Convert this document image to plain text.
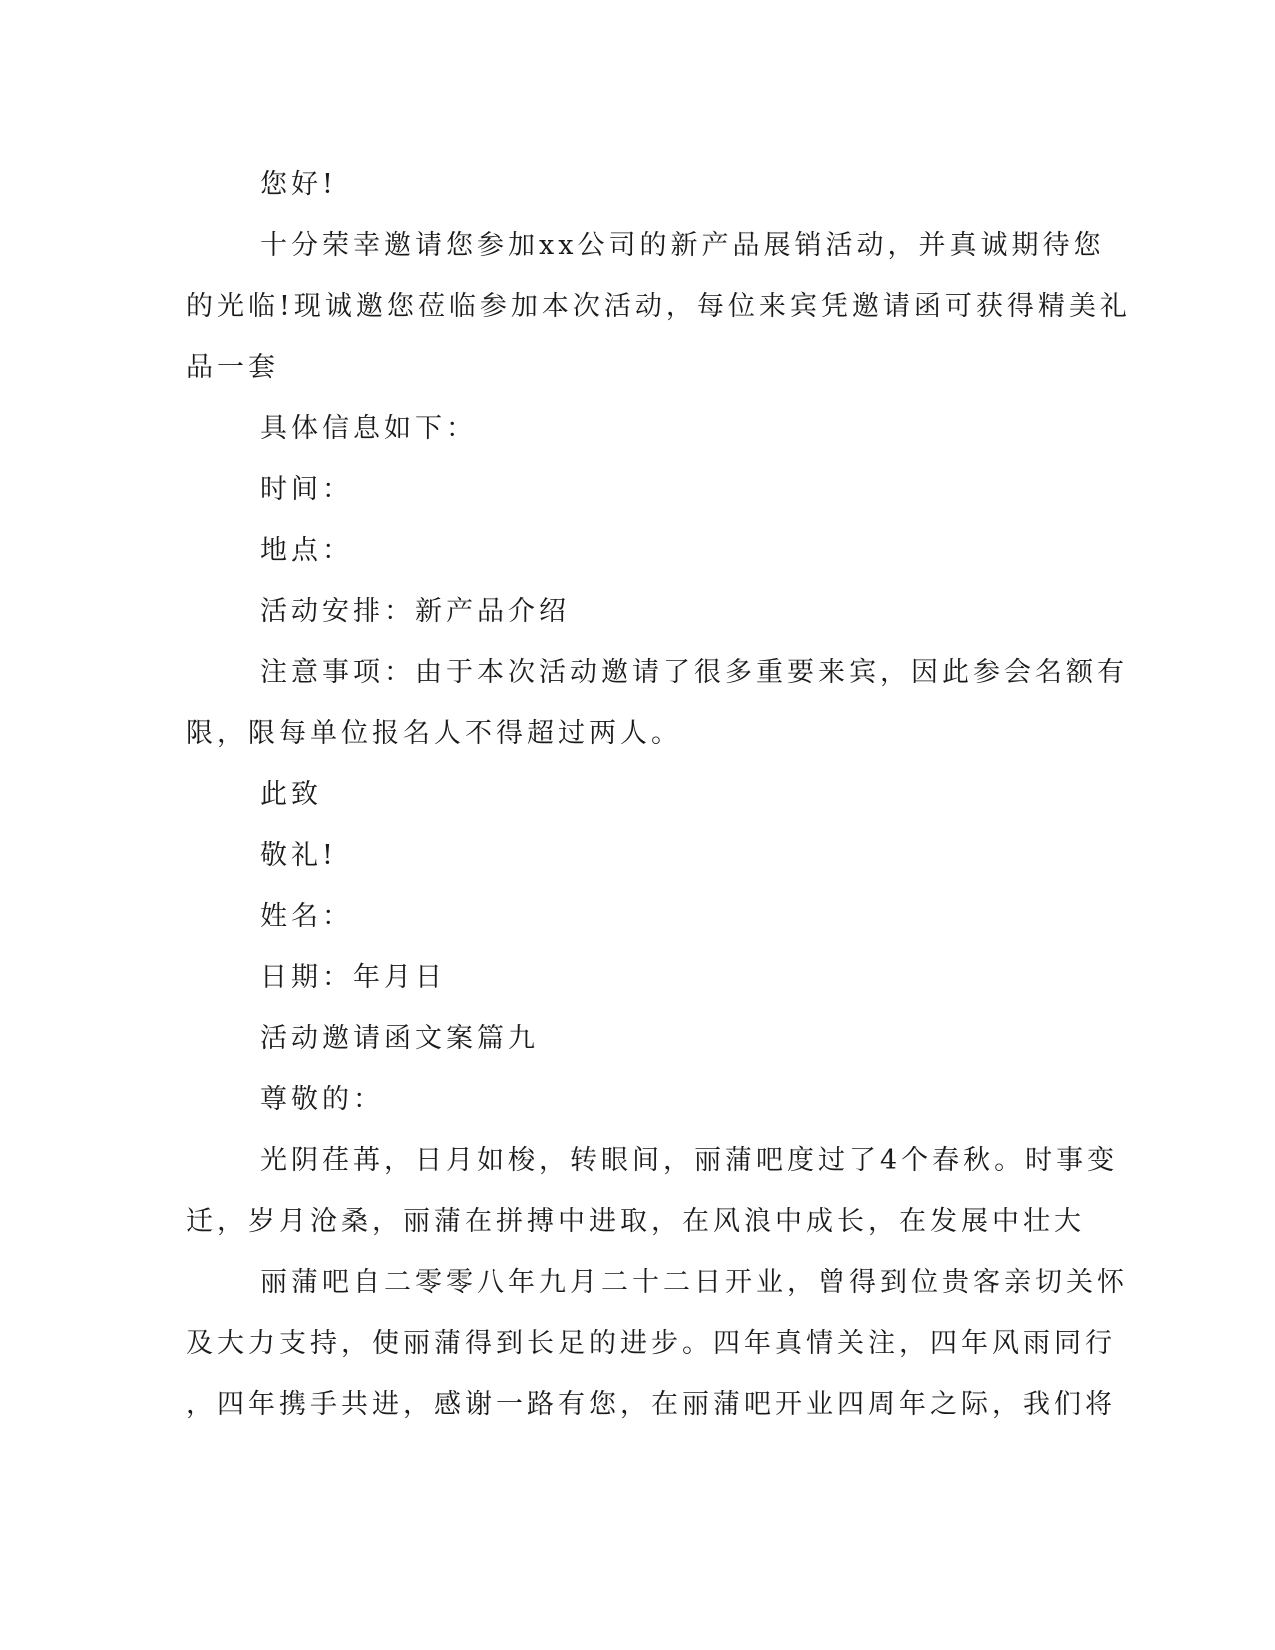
您好!

十分荣幸邀请您参加xx公司的新产品展销活动，并真诚期待您
的光临!现诚邀您莅临参加本次活动，每位来宾凭邀请函可获得精美礼
品一套

具体信息如下：

时间：

地点：

活动安排：新产品介绍

注意事项：由于本次活动邀请了很多重要来宾，因此参会名额有
限，限每单位报名人不得超过两人。

此致

敬礼!

姓名：

日期：年月日

活动邀请函文案篇九

尊敬的：

光阴荏苒，日月如梭，转眼间，丽蒲吧度过了4个春秋。时事变
迁，岁月沧桑，丽蒲在拼搏中进取，在风浪中成长，在发展中壮大

丽蒲吧自二零零八年九月二十二日开业，曾得到位贵客亲切关怀
及大力支持，使丽蒲得到长足的进步。四年真情关注，四年风雨同行
，四年携手共进，感谢一路有您，在丽蒲吧开业四周年之际，我们将
